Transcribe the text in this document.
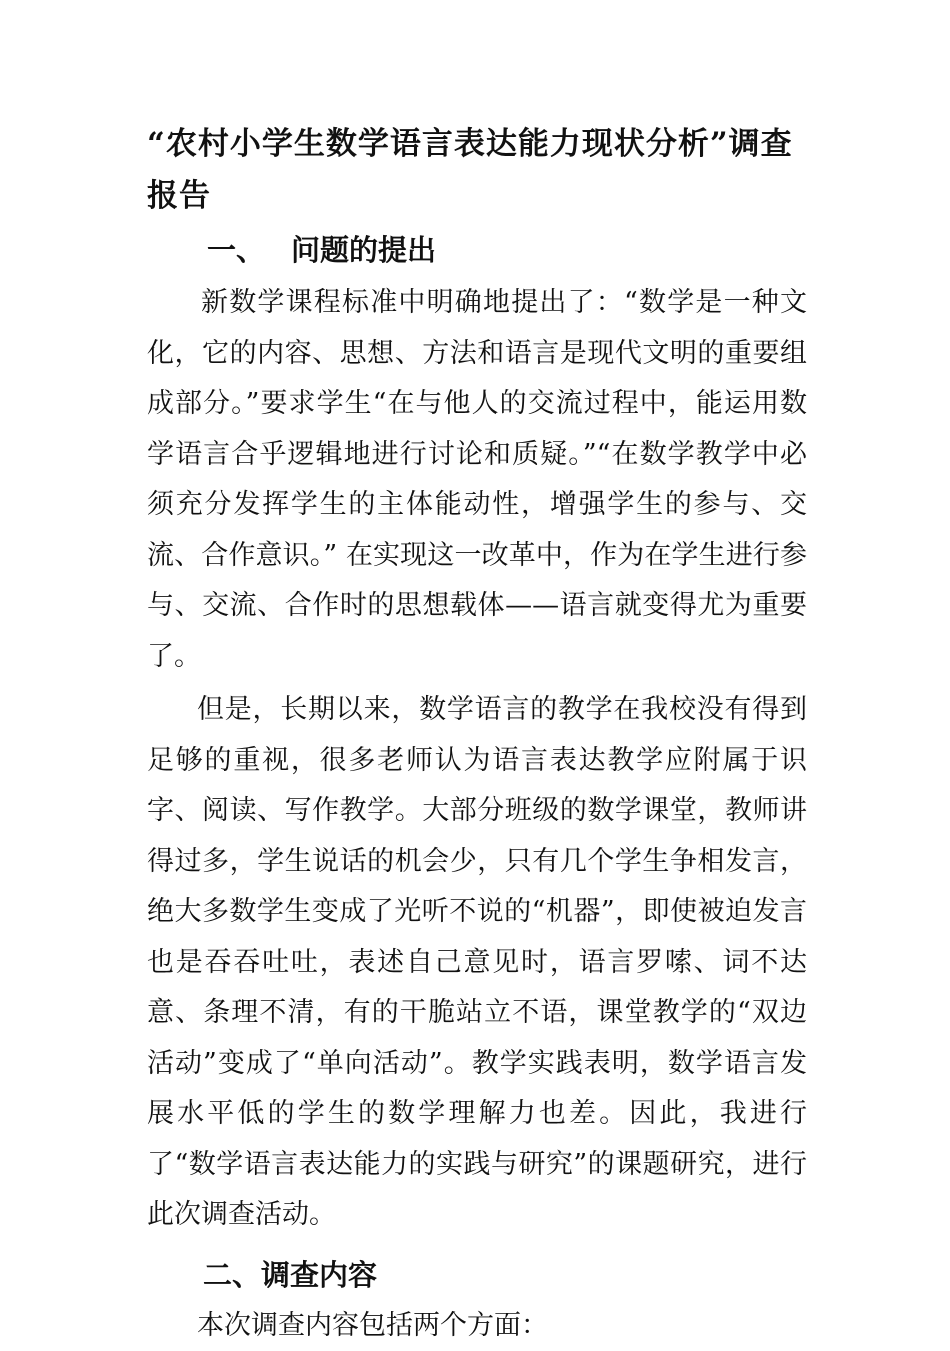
“农村小学生数学语言表达能力现状分析”调查报告
一、 问题的提出

新数学课程标准中明确地提出了：“数学是一种文化，它的内容、思想、方法和语言是现代文明的重要组成部分。”要求学生“在与他人的交流过程中，能运用数学语言合乎逻辑地进行讨论和质疑。”“在数学教学中必须充分发挥学生的主体能动性，增强学生的参与、交流、合作意识。” 在实现这一改革中，作为在学生进行参与、交流、合作时的思想载体——语言就变得尤为重要了。

但是，长期以来，数学语言的教学在我校没有得到足够的重视，很多老师认为语言表达教学应附属于识字、阅读、写作教学。大部分班级的数学课堂，教师讲得过多，学生说话的机会少，只有几个学生争相发言，绝大多数学生变成了光听不说的“机器”，即使被迫发言也是吞吞吐吐，表述自己意见时，语言罗嗦、词不达意、条理不清，有的干脆站立不语，课堂教学的“双边活动”变成了“单向活动”。教学实践表明，数学语言发展水平低的学生的数学理解力也差。因此，我进行了“数学语言表达能力的实践与研究”的课题研究，进行此次调查活动。

二、调查内容

本次调查内容包括两个方面：
